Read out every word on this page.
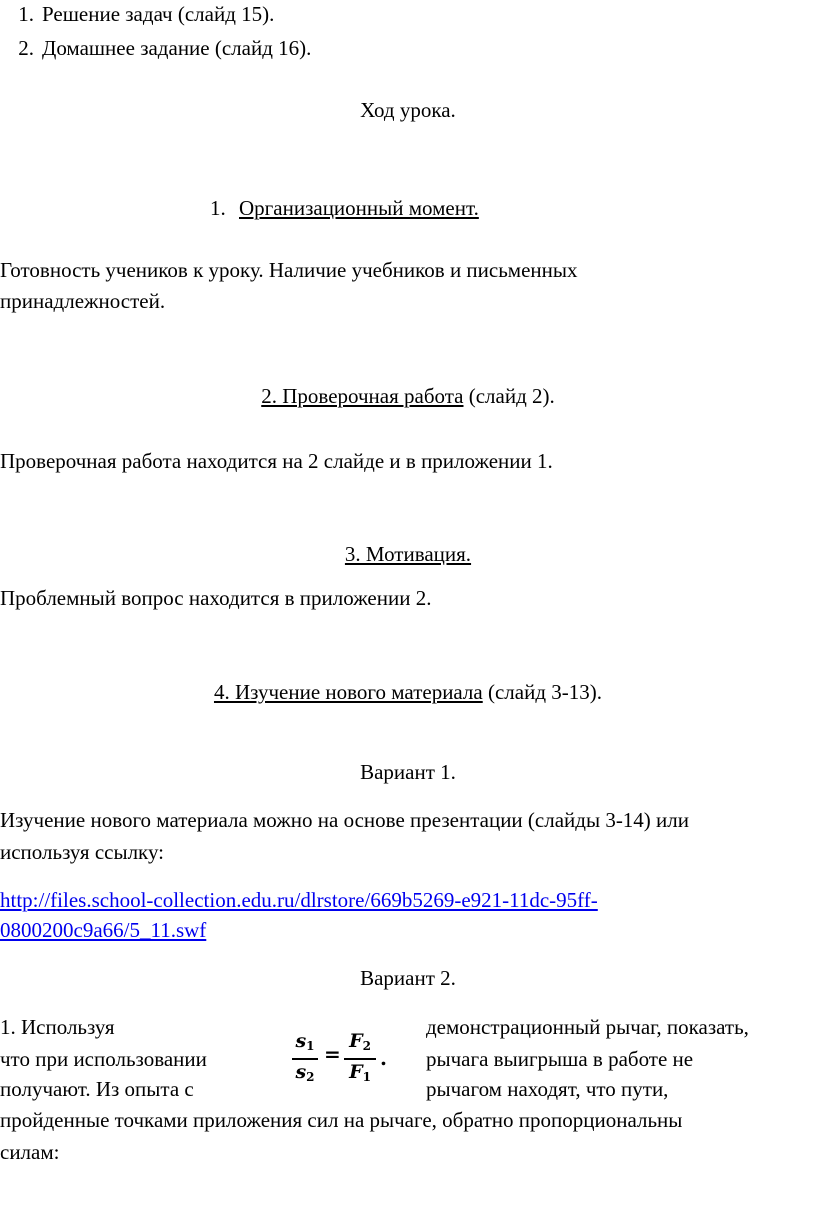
1. Решение задач (слайд 15).
2. Домашнее задание (слайд 16).
Ход урока.
1. Организационный момент.
Готовность учеников к уроку. Наличие учебников и письменных
принадлежностей.
2. Проверочная работа (слайд 2).
Проверочная работа находится на 2 слайде и в приложении 1.
3. Мотивация.
Проблемный вопрос находится в приложении 2.
4. Изучение нового материала (слайд 3-13).
Вариант 1.
Изучение нового материала можно на основе презентации (слайды 3-14) или
используя ссылку:
http://files.school-collection.edu.ru/dlrstore/669b5269-e921-11dc-95ff-
0800200c9a66/5_11.swf
Вариант 2.
1. Используя	демонстрационный рычаг, показать,
что при использовании	рычага выигрыша в работе не
получают. Из опыта с	рычагом находят, что пути,
пройденные точками приложения сил на рычаге, обратно пропорциональны
силам:
$s_1$
$s_2$
=
$F_2$
$F_1$
.
